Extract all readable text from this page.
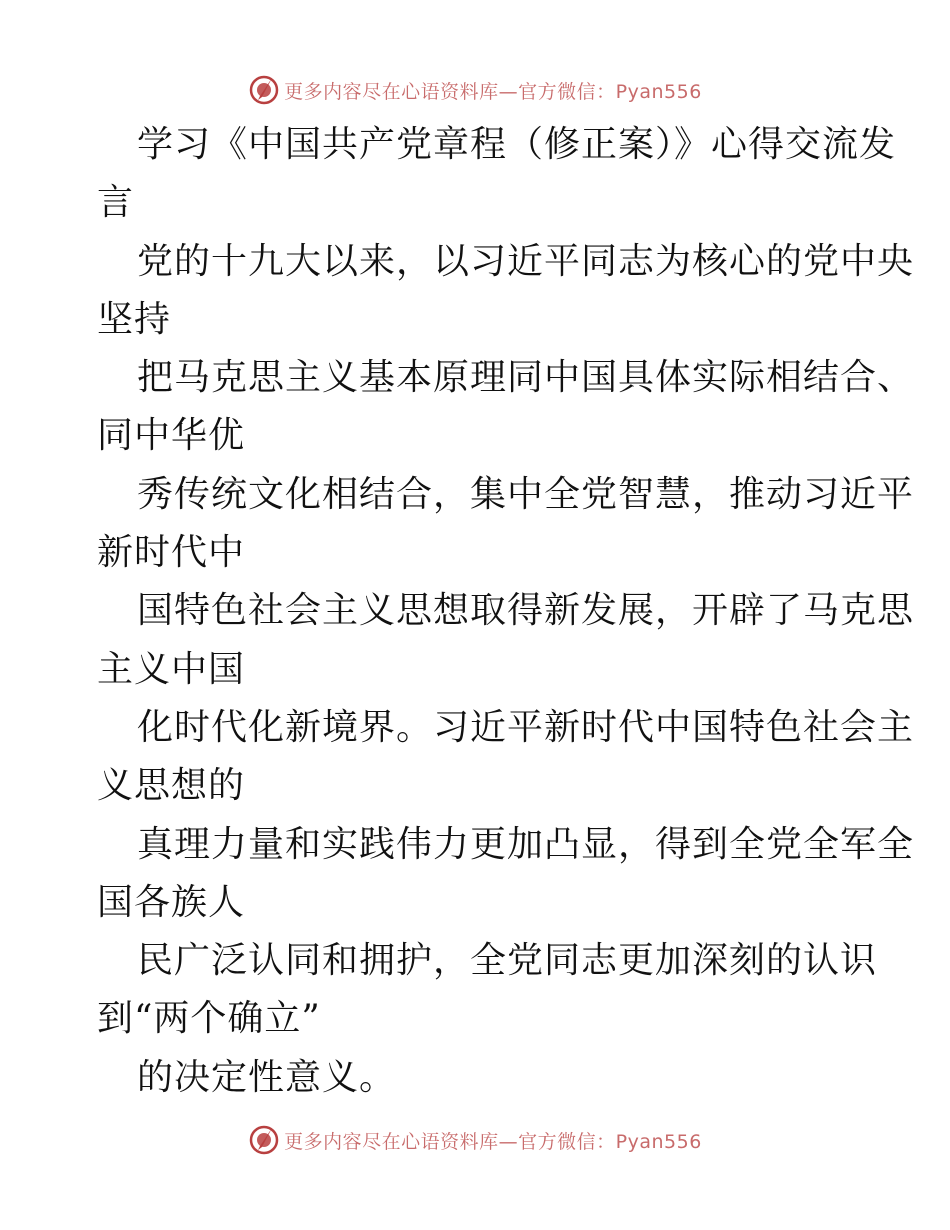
更多内容尽在心语资料库—官方微信：Pyan556
学习《中国共产党章程（修正案）》心得交流发
言
党的十九大以来，以习近平同志为核心的党中央
坚持
把马克思主义基本原理同中国具体实际相结合、
同中华优
秀传统文化相结合，集中全党智慧，推动习近平
新时代中
国特色社会主义思想取得新发展，开辟了马克思
主义中国
化时代化新境界。习近平新时代中国特色社会主
义思想的
真理力量和实践伟力更加凸显，得到全党全军全
国各族人
民广泛认同和拥护，全党同志更加深刻的认识
到“两个确立”
的决定性意义。
更多内容尽在心语资料库—官方微信：Pyan556
